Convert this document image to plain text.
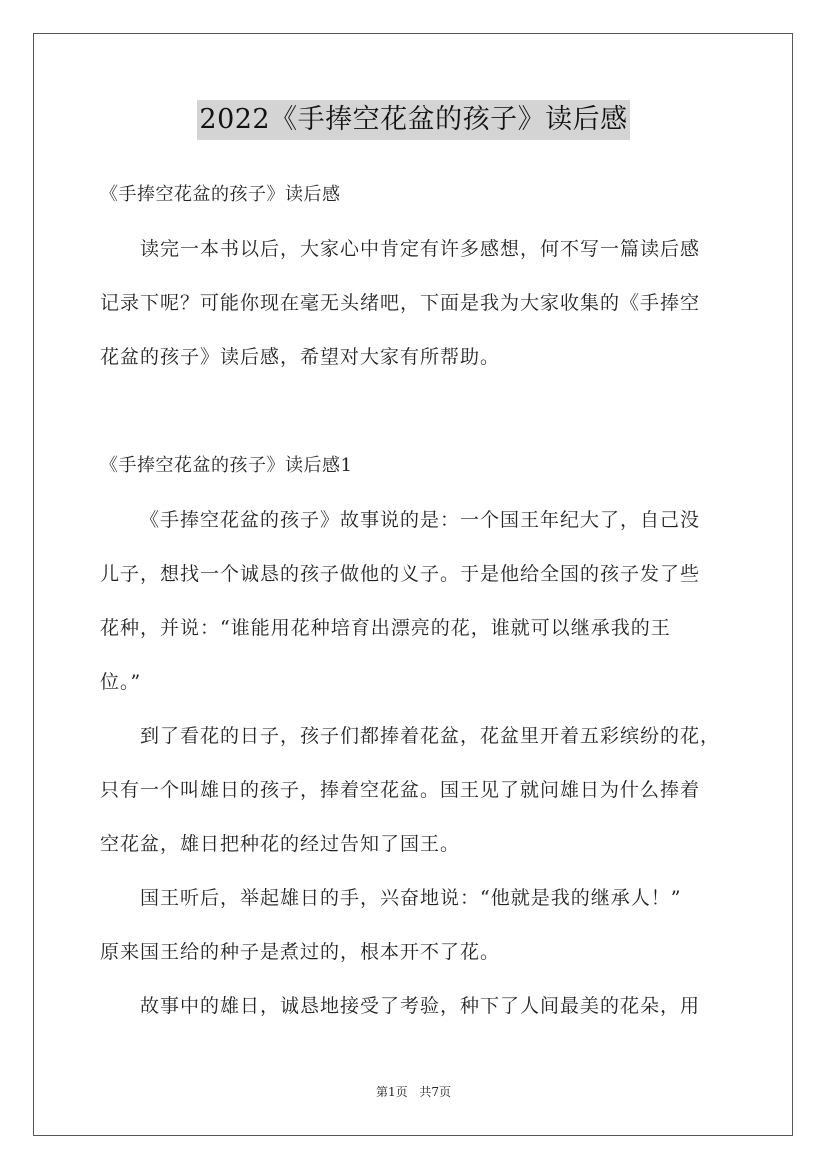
2022《手捧空花盆的孩子》读后感
《手捧空花盆的孩子》读后感
读完一本书以后，大家心中肯定有许多感想，何不写一篇读后感
记录下呢？可能你现在毫无头绪吧，下面是我为大家收集的《手捧空
花盆的孩子》读后感，希望对大家有所帮助。
《手捧空花盆的孩子》读后感1
《手捧空花盆的孩子》故事说的是：一个国王年纪大了，自己没
儿子，想找一个诚恳的孩子做他的义子。于是他给全国的孩子发了些
花种，并说：“谁能用花种培育出漂亮的花，谁就可以继承我的王
位。”
到了看花的日子，孩子们都捧着花盆，花盆里开着五彩缤纷的花，
只有一个叫雄日的孩子，捧着空花盆。国王见了就问雄日为什么捧着
空花盆，雄日把种花的经过告知了国王。
国王听后，举起雄日的手，兴奋地说：“他就是我的继承人！”
原来国王给的种子是煮过的，根本开不了花。
故事中的雄日，诚恳地接受了考验，种下了人间最美的花朵，用
第1页 共7页
